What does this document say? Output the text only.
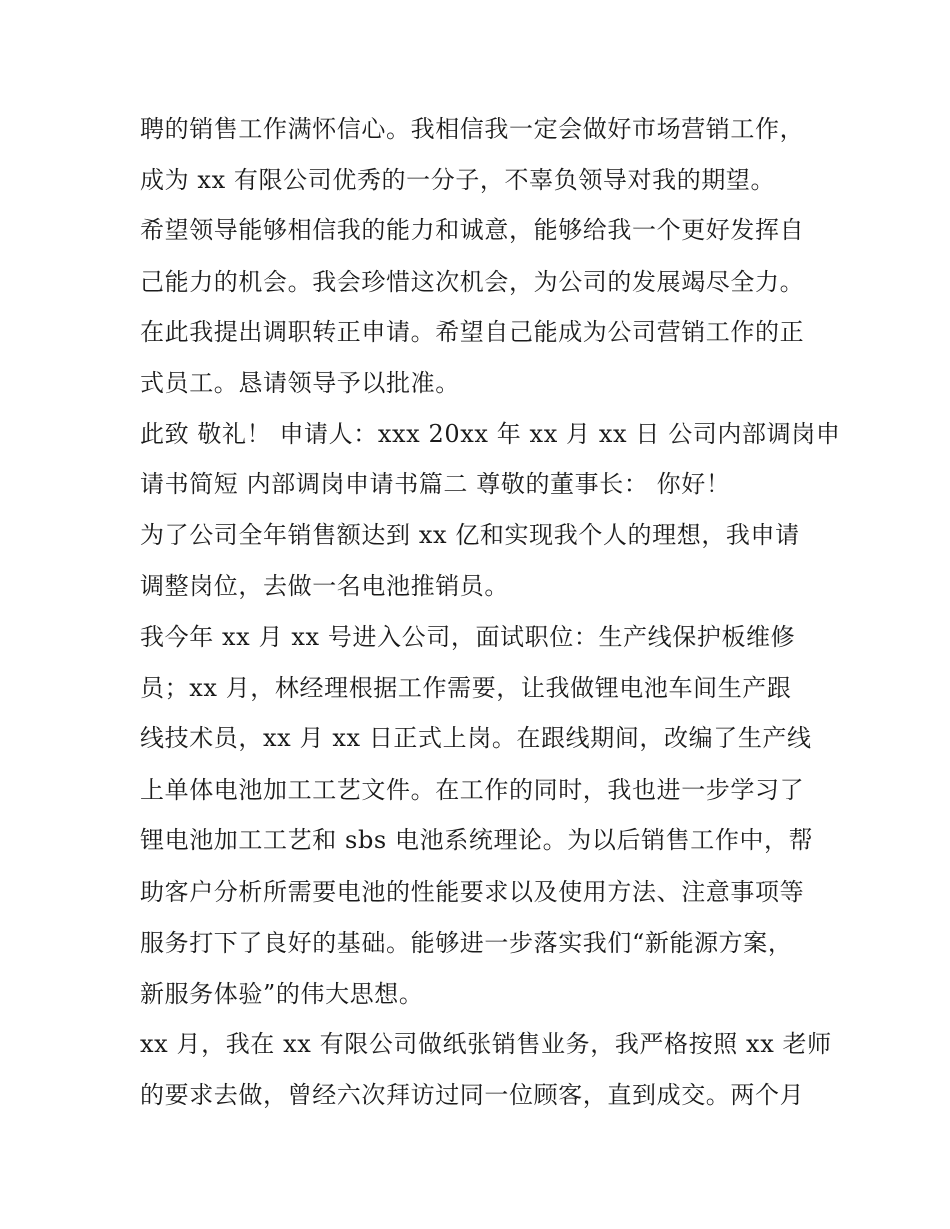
聘的销售工作满怀信心。我相信我一定会做好市场营销工作，
成为 xx 有限公司优秀的一分子，不辜负领导对我的期望。
希望领导能够相信我的能力和诚意，能够给我一个更好发挥自
己能力的机会。我会珍惜这次机会，为公司的发展竭尽全力。
在此我提出调职转正申请。希望自己能成为公司营销工作的正
式员工。恳请领导予以批准。
此致 敬礼！ 申请人：xxx 20xx 年 xx 月 xx 日 公司内部调岗申
请书简短 内部调岗申请书篇二 尊敬的董事长： 你好！
为了公司全年销售额达到 xx 亿和实现我个人的理想，我申请
调整岗位，去做一名电池推销员。
我今年 xx 月 xx 号进入公司，面试职位：生产线保护板维修
员；xx 月，林经理根据工作需要，让我做锂电池车间生产跟
线技术员，xx 月 xx 日正式上岗。在跟线期间，改编了生产线
上单体电池加工工艺文件。在工作的同时，我也进一步学习了
锂电池加工工艺和 sbs 电池系统理论。为以后销售工作中，帮
助客户分析所需要电池的性能要求以及使用方法、注意事项等
服务打下了良好的基础。能够进一步落实我们“新能源方案，
新服务体验”的伟大思想。
xx 月，我在 xx 有限公司做纸张销售业务，我严格按照 xx 老师
的要求去做，曾经六次拜访过同一位顾客，直到成交。两个月
